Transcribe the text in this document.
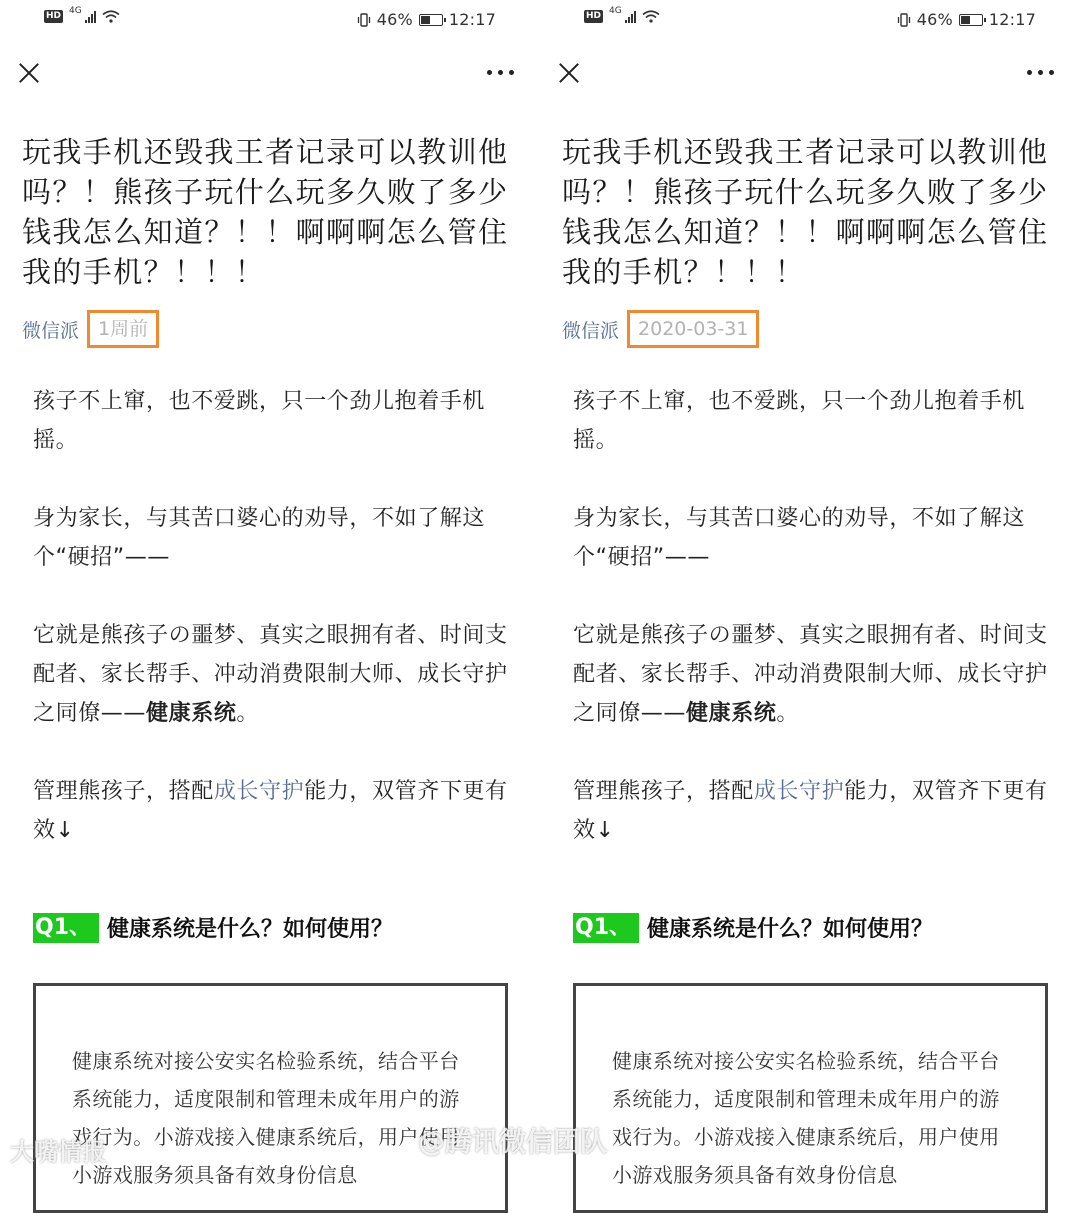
HD 4G	46% 12:17
玩我手机还毁我王者记录可以教训他吗？！熊孩子玩什么玩多久败了多少钱我怎么知道？！！啊啊啊怎么管住我的手机？！！！
微信派	1周前

孩子不上窜，也不爱跳，只一个劲儿抱着手机摇。

身为家长，与其苦口婆心的劝导，不如了解这个“硬招”——

它就是熊孩子の噩梦、真实之眼拥有者、时间支配者、家长帮手、冲动消费限制大师、成长守护之同僚——健康系统。

管理熊孩子，搭配成长守护能力，双管齐下更有效↓

Q1、 健康系统是什么？如何使用？
健康系统对接公安实名检验系统，结合平台系统能力，适度限制和管理未成年用户的游戏行为。小游戏接入健康系统后，用户使用小游戏服务须具备有效身份信息
大嘴情报
HD 4G	46% 12:17
玩我手机还毁我王者记录可以教训他吗？！熊孩子玩什么玩多久败了多少钱我怎么知道？！！啊啊啊怎么管住我的手机？！！！
微信派	2020-03-31

孩子不上窜，也不爱跳，只一个劲儿抱着手机摇。

身为家长，与其苦口婆心的劝导，不如了解这个“硬招”——

它就是熊孩子の噩梦、真实之眼拥有者、时间支配者、家长帮手、冲动消费限制大师、成长守护之同僚——健康系统。

管理熊孩子，搭配成长守护能力，双管齐下更有效↓

Q1、 健康系统是什么？如何使用？
健康系统对接公安实名检验系统，结合平台系统能力，适度限制和管理未成年用户的游戏行为。小游戏接入健康系统后，用户使用小游戏服务须具备有效身份信息
@腾讯微信团队
